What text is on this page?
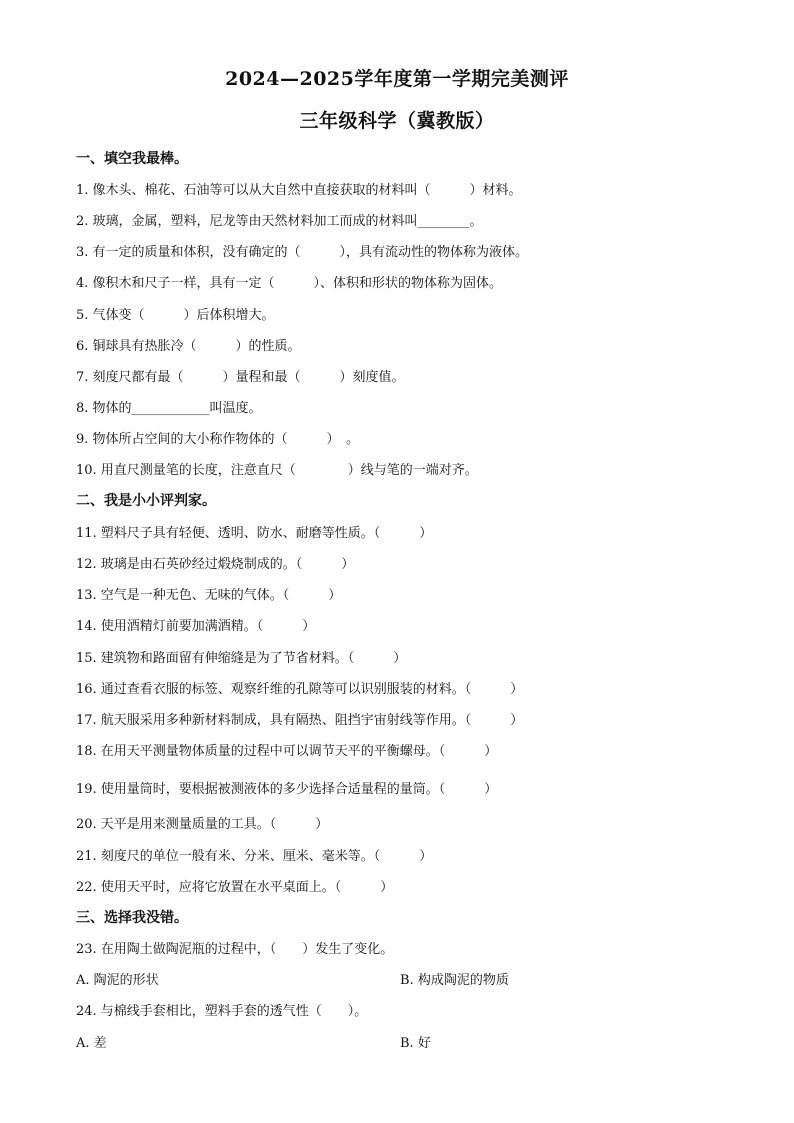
2024—2025学年度第一学期完美测评
三年级科学（冀教版）
一、填空我最棒。
1. 像木头、棉花、石油等可以从大自然中直接获取的材料叫（　　　）材料。
2. 玻璃，金属，塑料，尼龙等由天然材料加工而成的材料叫________。
3. 有一定的质量和体积，没有确定的（　　　），具有流动性的物体称为液体。
4. 像积木和尺子一样，具有一定（　　　）、体积和形状的物体称为固体。
5. 气体变（　　　）后体积增大。
6. 铜球具有热胀冷（　　　）的性质。
7. 刻度尺都有最（　　　）量程和最（　　　）刻度值。
8. 物体的____________叫温度。
9. 物体所占空间的大小称作物体的（　　　）　。
10. 用直尺测量笔的长度，注意直尺（　　　　）线与笔的一端对齐。
二、我是小小评判家。
11. 塑料尺子具有轻便、透明、防水、耐磨等性质。（　　　）
12. 玻璃是由石英砂经过煅烧制成的。（　　　）
13. 空气是一种无色、无味的气体。（　　　）
14. 使用酒精灯前要加满酒精。（　　　）
15. 建筑物和路面留有伸缩缝是为了节省材料。（　　　）
16. 通过查看衣服的标签、观察纤维的孔隙等可以识别服装的材料。（　　　）
17. 航天服采用多种新材料制成，具有隔热、阻挡宇宙射线等作用。（　　　）
18. 在用天平测量物体质量的过程中可以调节天平的平衡螺母。（　　　）
19. 使用量筒时，要根据被测液体的多少选择合适量程的量筒。（　　　）
20. 天平是用来测量质量的工具。（　　　）
21. 刻度尺的单位一般有米、分米、厘米、毫米等。（　　　）
22. 使用天平时，应将它放置在水平桌面上。（　　　）
三、选择我没错。
23. 在用陶土做陶泥瓶的过程中，（　　）发生了变化。
A. 陶泥的形状	B. 构成陶泥的物质
24. 与棉线手套相比，塑料手套的透气性（　　）。
A. 差	B. 好
